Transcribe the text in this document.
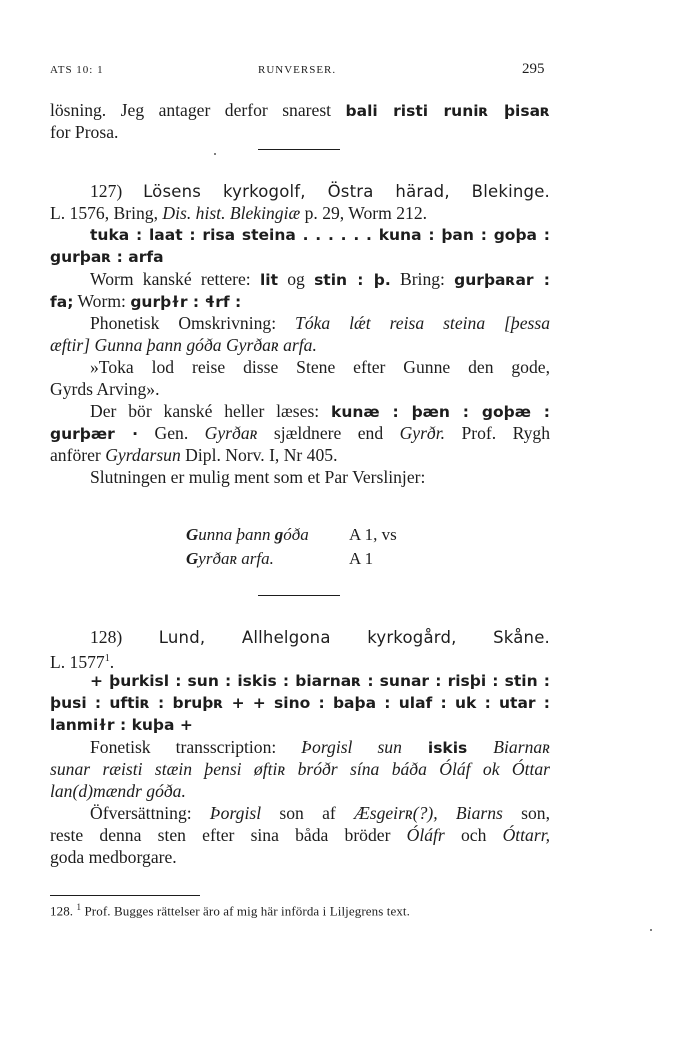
ATS 10: 1	RUNVERSER.	295
lösning. Jeg antager derfor snarest bali risti runiʀ þisaʀ
for Prosa.
127) Lösens kyrkogolf, Östra härad, Blekinge.
L. 1576, Bring, Dis. hist. Blekingiæ p. 29, Worm 212.
tuka : laat : risa steina . . . . . . kuna : þan : goþa :
gurþaʀ : arfa
Worm kanské rettere: lit og stin : þ. Bring: gurþaʀar :
fa; Worm: gurþɫr : ɬrf :
Phonetisk Omskrivning: Tóka lǽt reisa steina [þessa
æftir] Gunna þann góða Gyrðaʀ arfa.
»Toka lod reise disse Stene efter Gunne den gode,
Gyrds Arving».
Der bör kanské heller læses: kunæ : þæn : goþæ :
gurþær · Gen. Gyrðaʀ sjældnere end Gyrðr. Prof. Rygh
anförer Gyrdarsun Dipl. Norv. I, Nr 405.
Slutningen er mulig ment som et Par Verslinjer:
Gunna þann góða A 1, vs
Gyrðaʀ arfa.	A 1
128) Lund, Allhelgona kyrkogård, Skåne.
L. $1577^1$.
+ þurkisl : sun : iskis : biarnaʀ : sunar : risþi : stin :
þusi : uftiʀ : bruþʀ + + sino : baþa : ulaf : uk : utar :
lanmiɫr : kuþa +
Fonetisk transscription: Þorgisl sun iskis Biarnaʀ
sunar ræisti stæin þensi øftiʀ bróðr sína báða Óláf ok Óttar
lan(d)mændr góða.
Öfversättning: Þorgisl son af Æsgeirʀ(?), Biarns son,
reste denna sten efter sina båda bröder Óláfr och Óttarr,
goda medborgare.
128. $^1$ Prof. Bugges rättelser äro af mig här införda i Liljegrens text.
